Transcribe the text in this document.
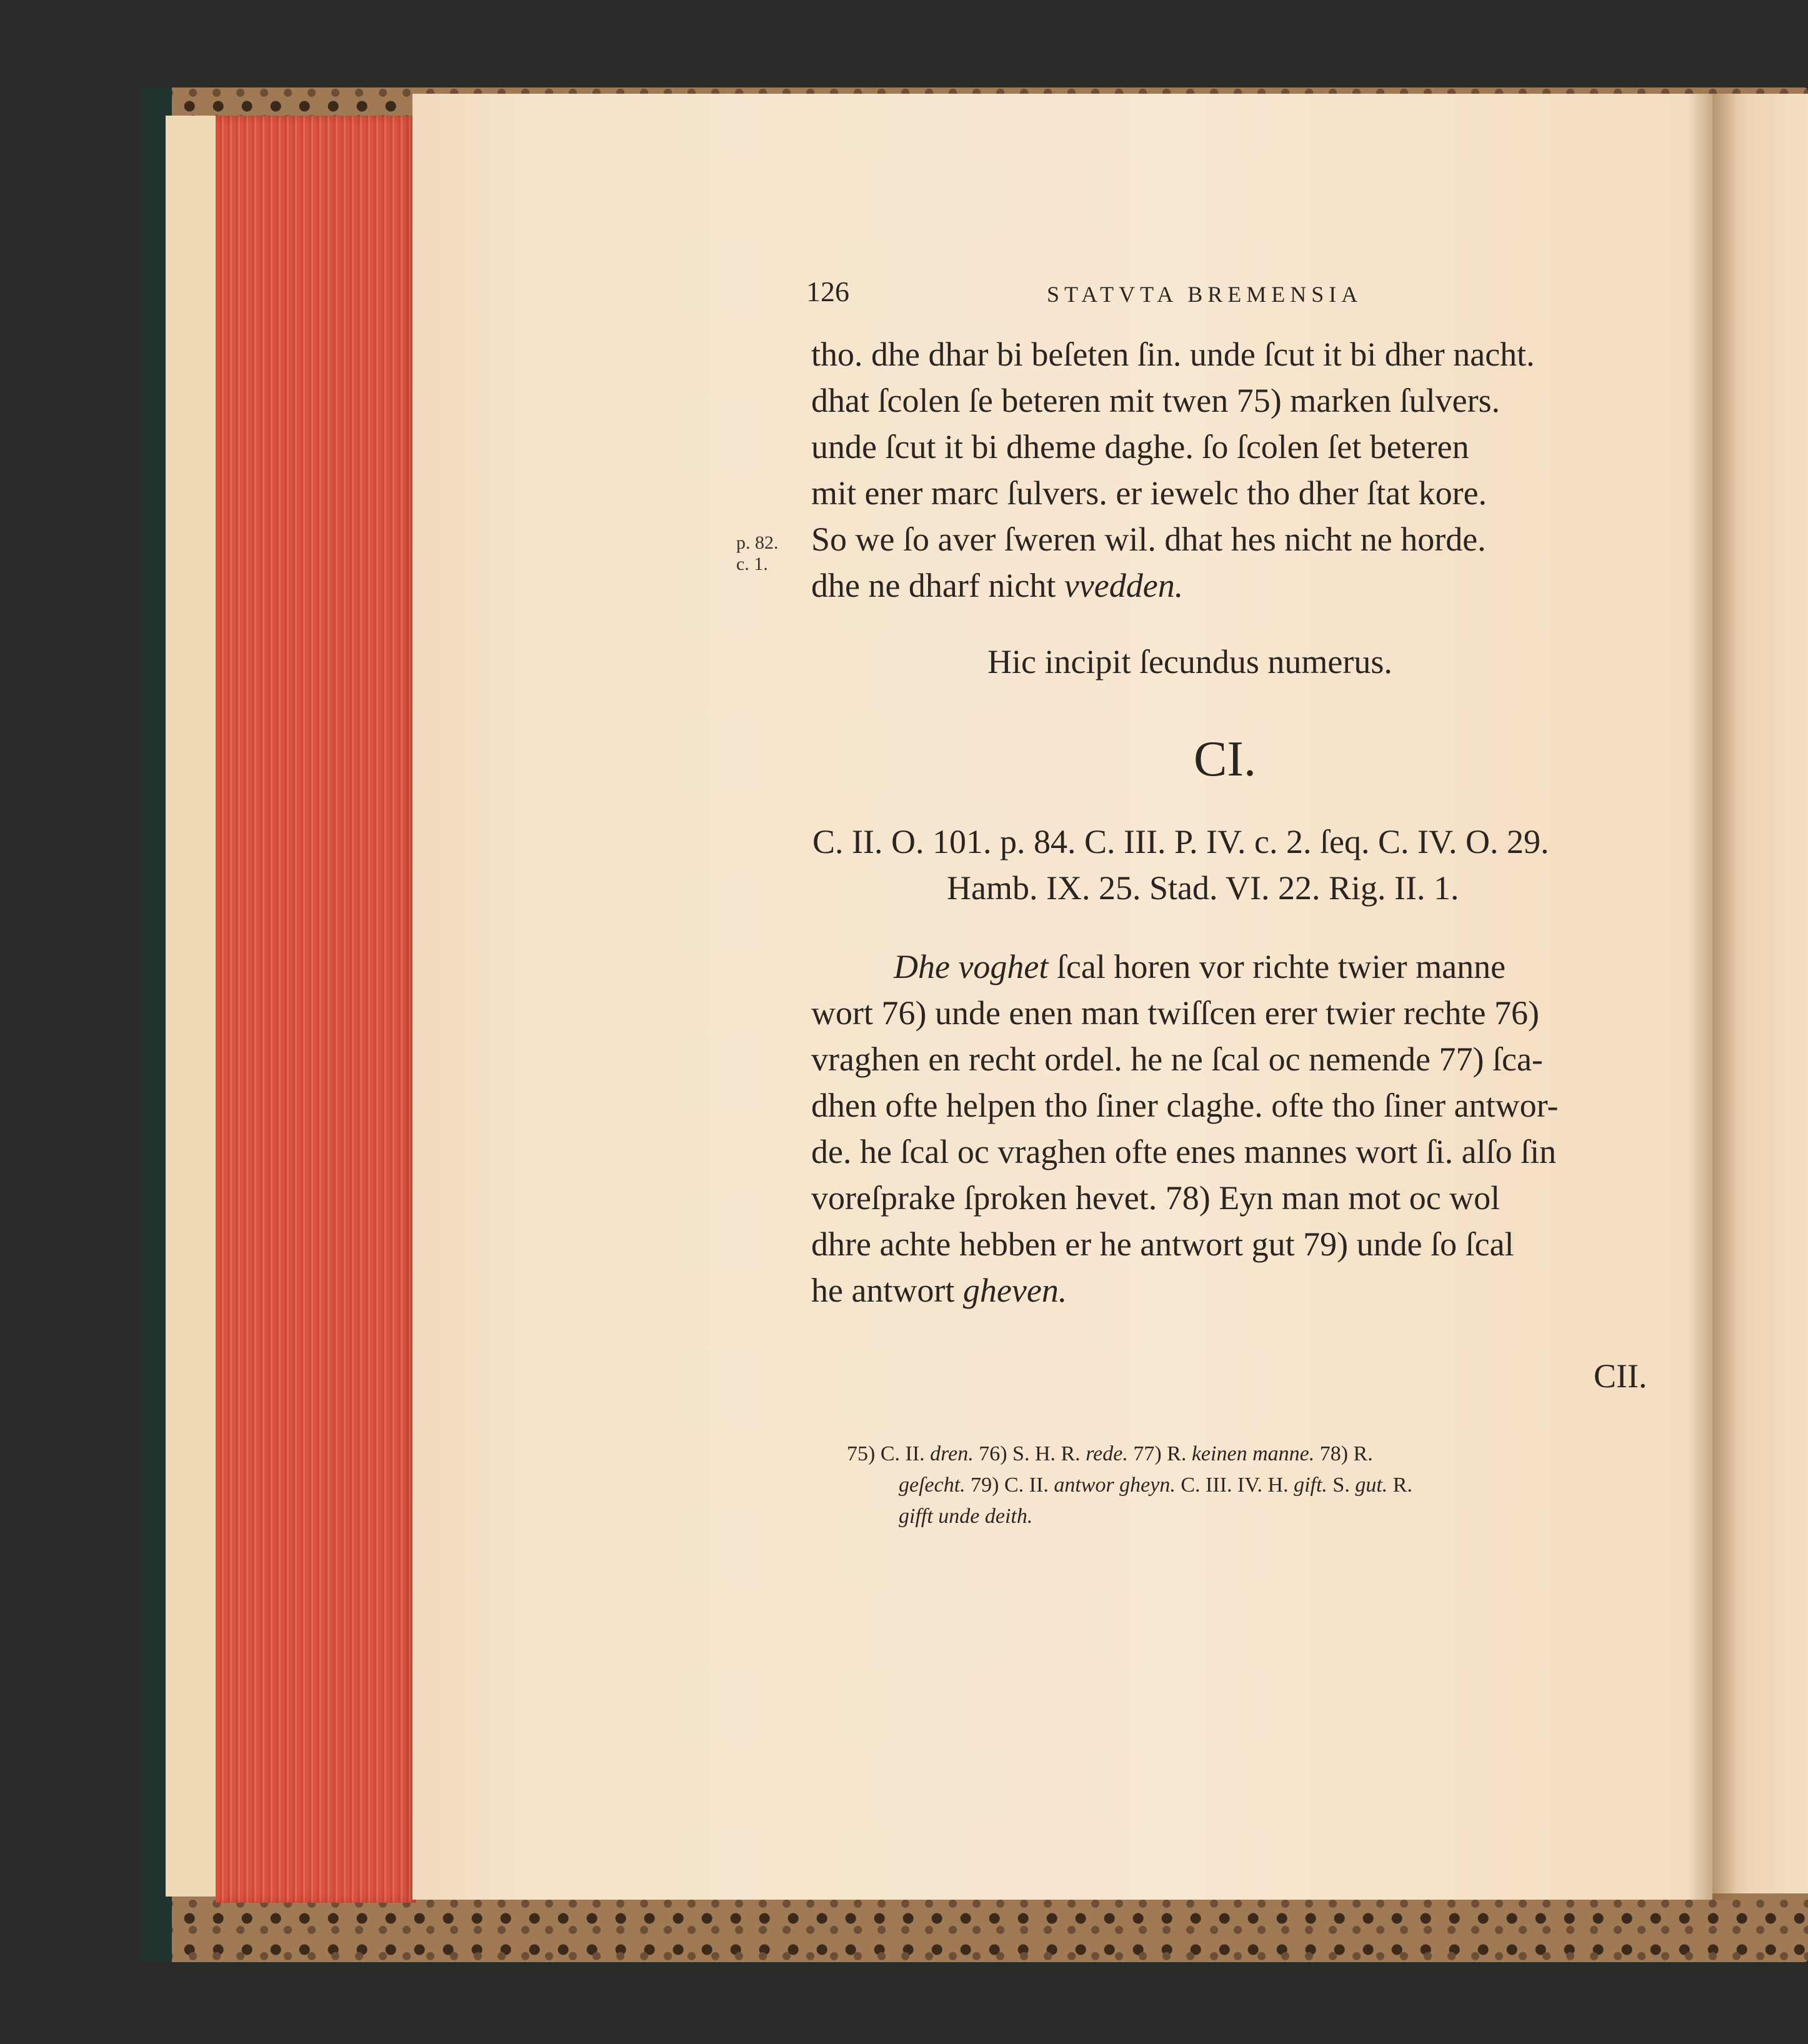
126	STATVTA BREMENSIA
tho. dhe dhar bi beſeten ſin. unde ſcut it bi dher nacht.
dhat ſcolen ſe beteren mit twen 75) marken ſulvers.
unde ſcut it bi dheme daghe. ſo ſcolen ſet beteren
mit ener marc ſulvers. er iewelc tho dher ſtat kore.
So we ſo aver ſweren wil. dhat hes nicht ne horde.
dhe ne dharf nicht vvedden.
p. 82.
c. 1.
Hic incipit ſecundus numerus.
CI.
C. II. O. 101. p. 84. C. III. P. IV. c. 2. ſeq. C. IV. O. 29.
Hamb. IX. 25. Stad. VI. 22. Rig. II. 1.
Dhe voghet ſcal horen vor richte twier manne
wort 76) unde enen man twiſſcen erer twier rechte 76)
vraghen en recht ordel. he ne ſcal oc nemende 77) ſca-
dhen ofte helpen tho ſiner claghe. ofte tho ſiner antwor-
de. he ſcal oc vraghen ofte enes mannes wort ſi. alſo ſin
voreſprake ſproken hevet. 78) Eyn man mot oc wol
dhre achte hebben er he antwort gut 79) unde ſo ſcal
he antwort gheven.
CII.
75) C. II. dren. 76) S. H. R. rede. 77) R. keinen manne. 78) R.
geſecht. 79) C. II. antwor gheyn. C. III. IV. H. gift. S. gut. R.
gifft unde deith.
